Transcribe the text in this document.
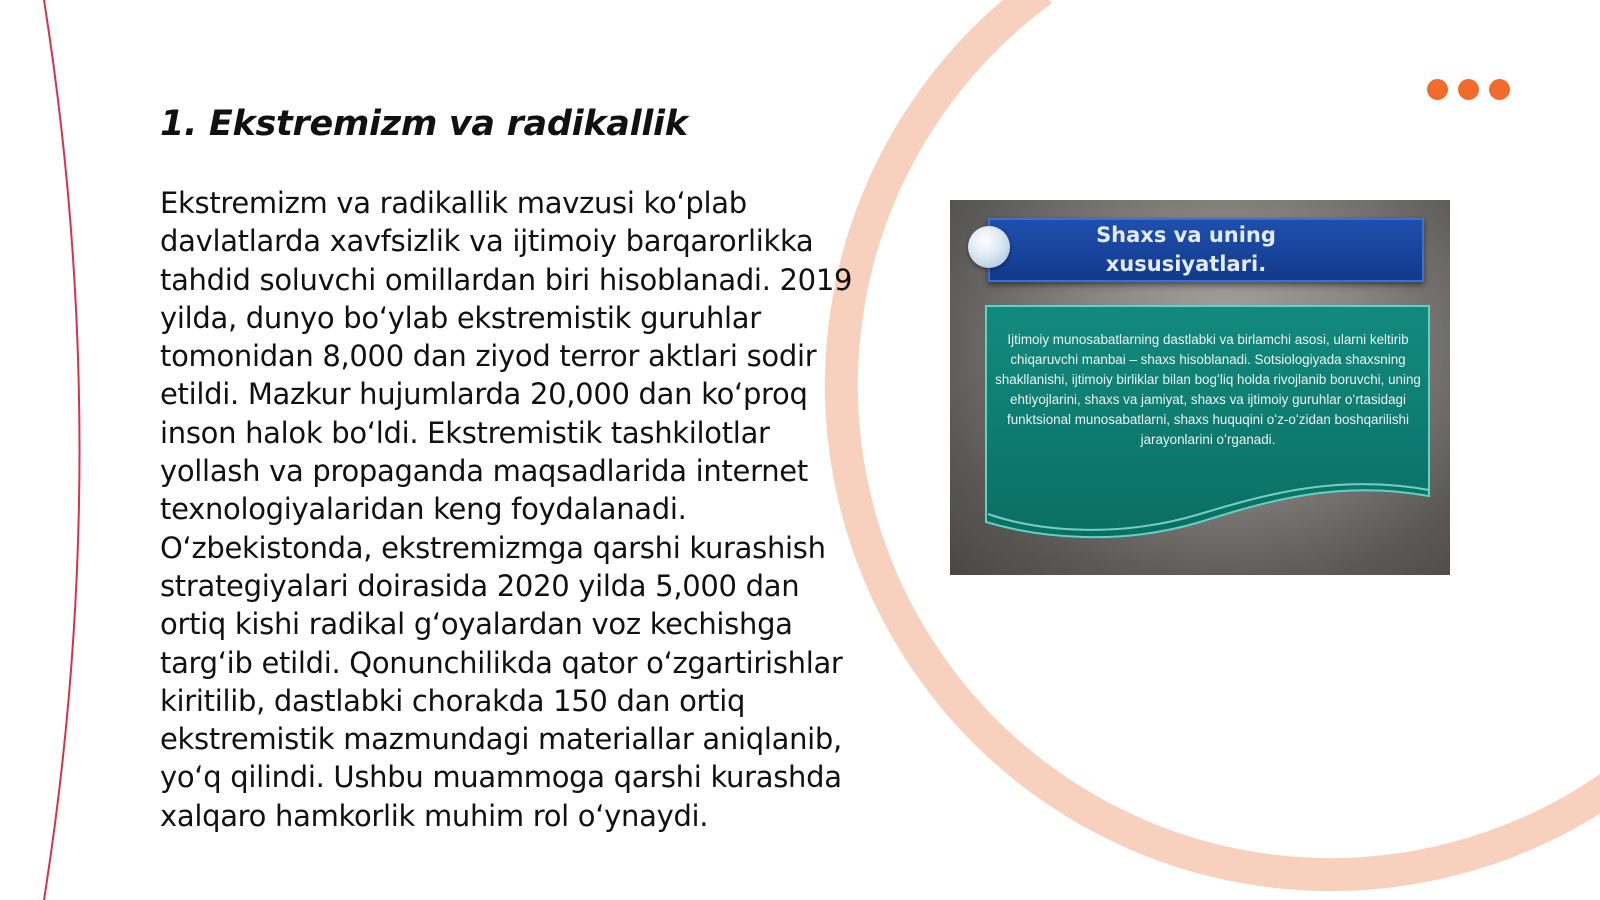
1. Ekstremizm va radikallik

Ekstremizm va radikallik mavzusi koʻplab davlatlarda xavfsizlik va ijtimoiy barqarorlikka tahdid soluvchi omillardan biri hisoblanadi. 2019 yilda, dunyo boʻylab ekstremistik guruhlar tomonidan 8,000 dan ziyod terror aktlari sodir etildi. Mazkur hujumlarda 20,000 dan koʻproq inson halok boʻldi. Ekstremistik tashkilotlar yollash va propaganda maqsadlarida internet texnologiyalaridan keng foydalanadi. Oʻzbekistonda, ekstremizmga qarshi kurashish strategiyalari doirasida 2020 yilda 5,000 dan ortiq kishi radikal gʻoyalardan voz kechishga targʻib etildi. Qonunchilikda qator oʻzgartirishlar kiritilib, dastlabki chorakda 150 dan ortiq ekstremistik mazmundagi materiallar aniqlanib, yoʻq qilindi. Ushbu muammoga qarshi kurashda xalqaro hamkorlik muhim rol oʻynaydi.

Shaxs va uning xususiyatlari.

Ijtimoiy munosabatlarning dastlabki va birlamchi asosi, ularni keltirib chiqaruvchi manbai – shaxs hisoblanadi. Sotsiologiyada shaxsning shakllanishi, ijtimoiy birliklar bilan bogʻliq holda rivojlanib boruvchi, uning ehtiyojlarini, shaxs va jamiyat, shaxs va ijtimoiy guruhlar oʻrtasidagi funktsional munosabatlarni, shaxs huquqini oʻz-oʻzidan boshqarilishi jarayonlarini oʻrganadi.
